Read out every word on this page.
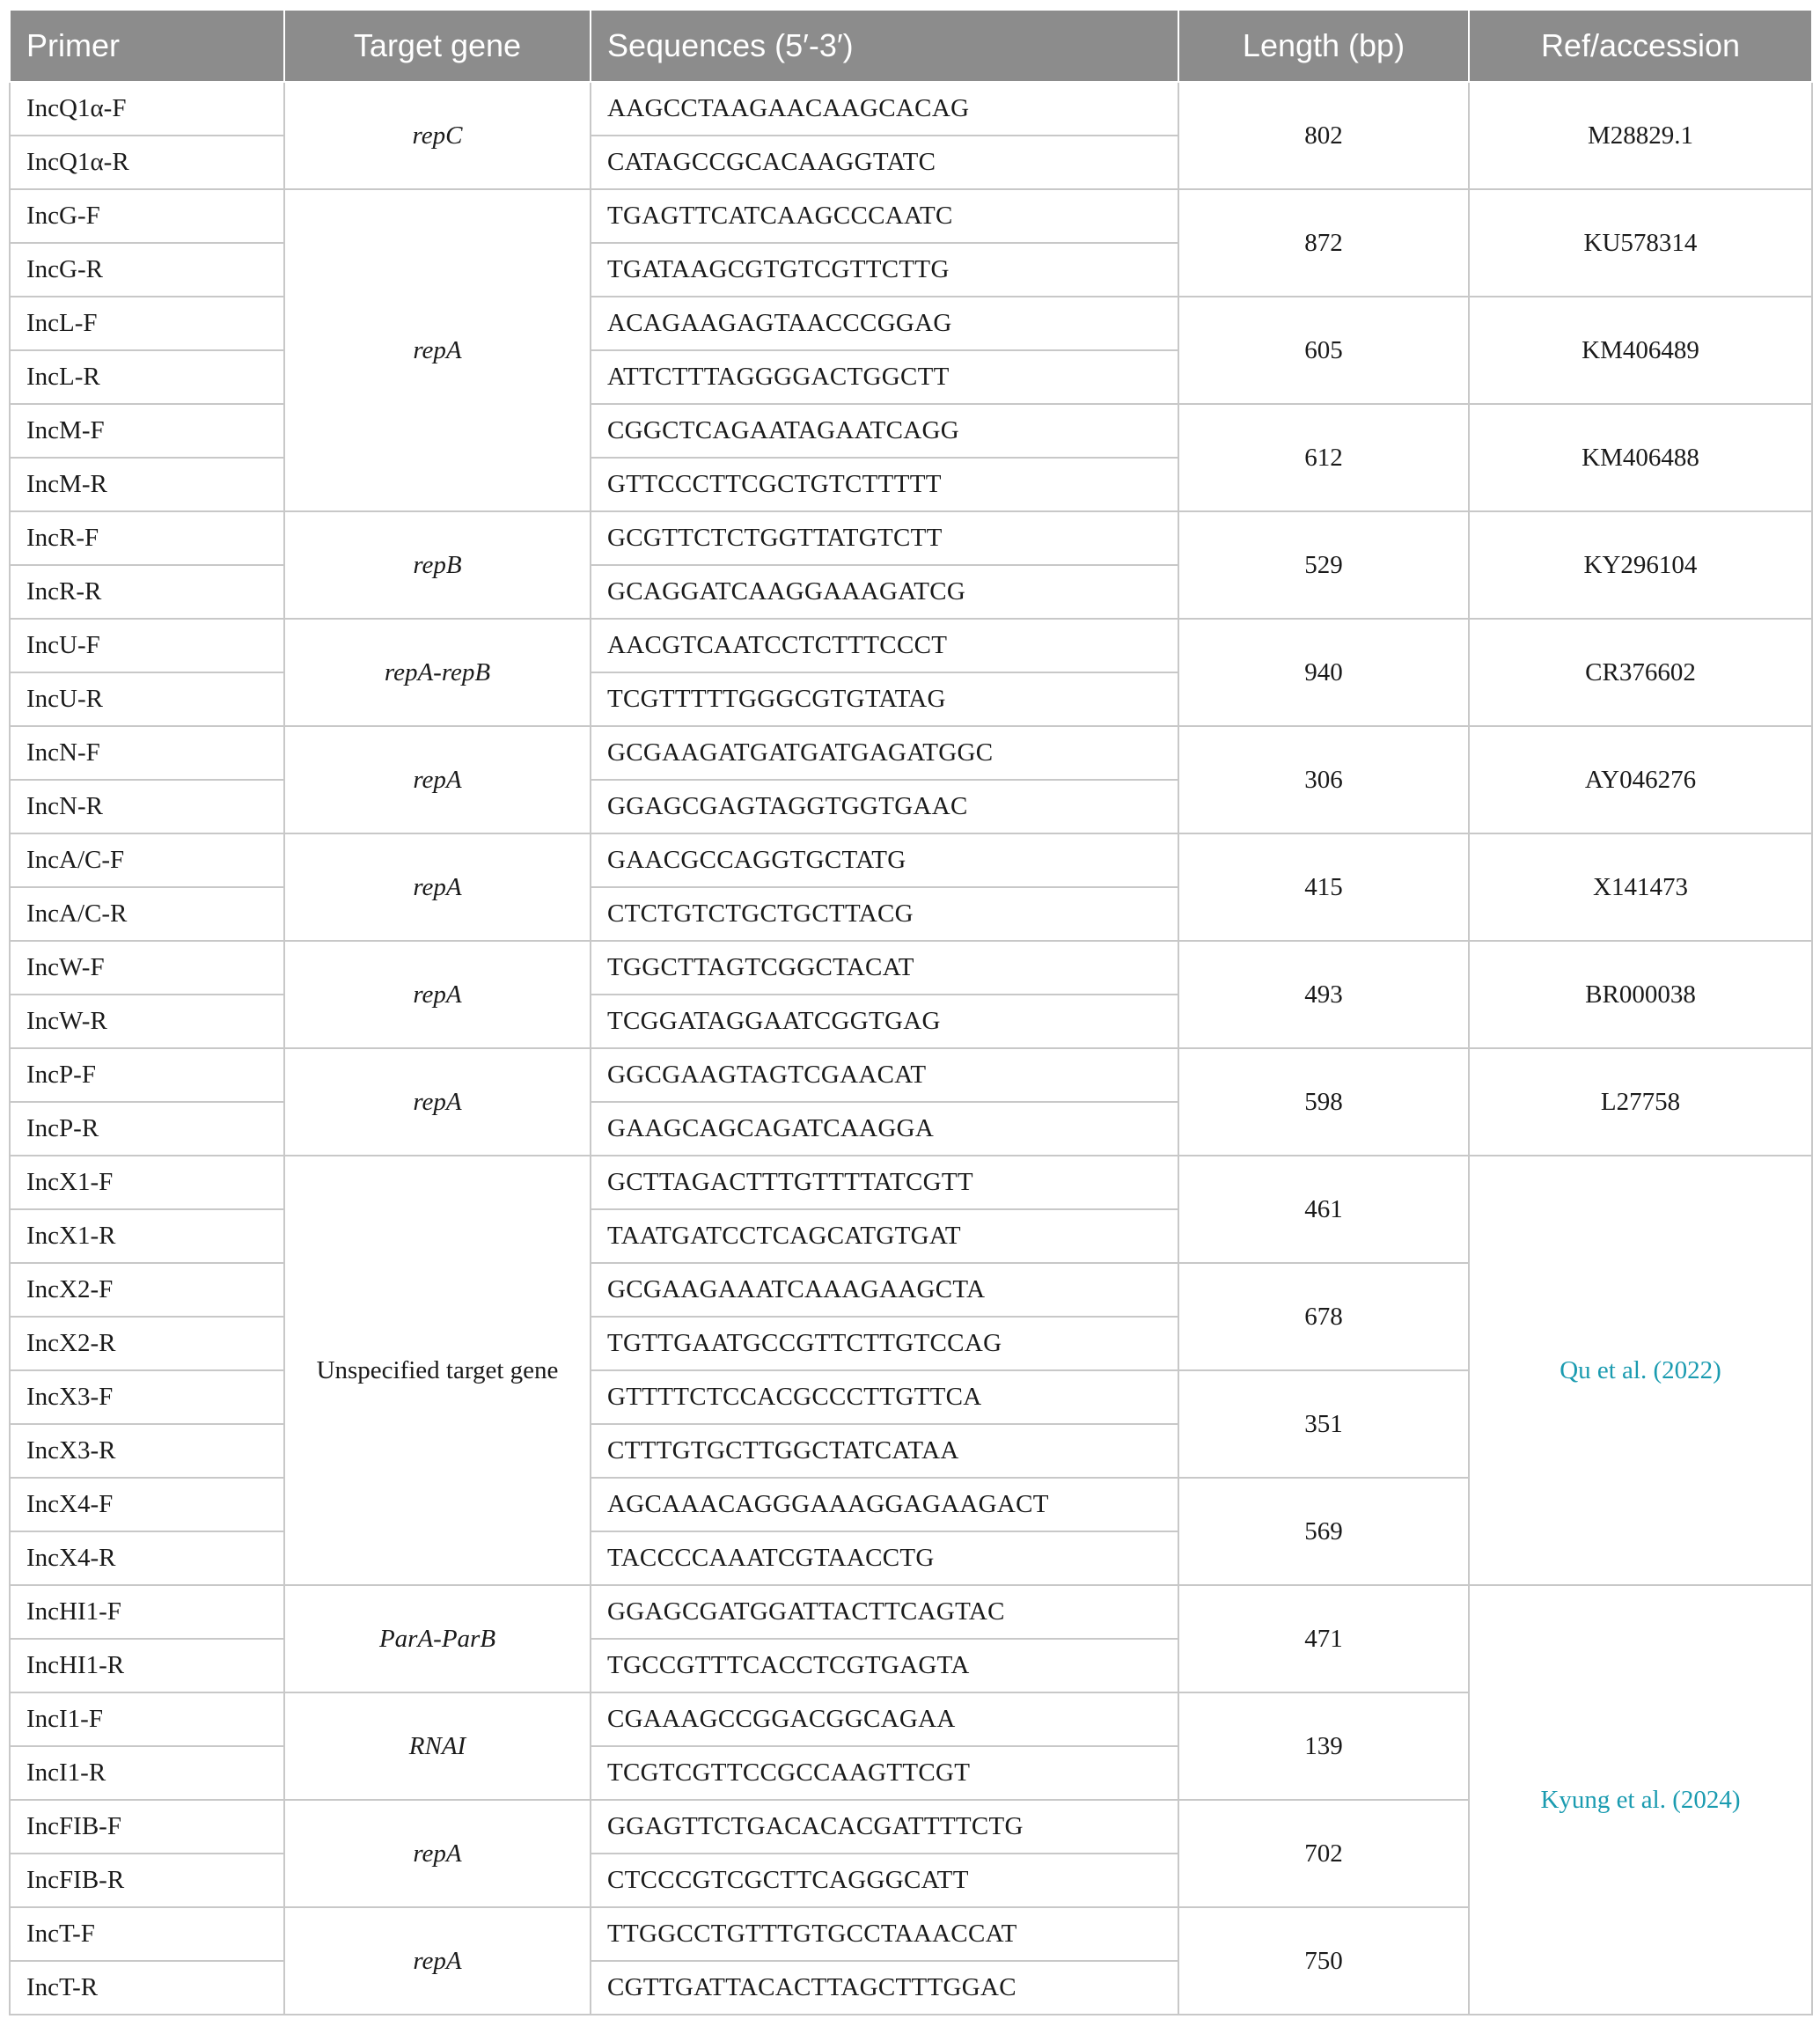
Primer	Target gene	Sequences (5′-3′)	Length (bp)	Ref/accession
IncQ1α-F	repC	AAGCCTAAGAACAAGCACAG	802	M28829.1
IncQ1α-R		CATAGCCGCACAAGGTATC		
IncG-F	repA	TGAGTTCATCAAGCCCAATC	872	KU578314
IncG-R		TGATAAGCGTGTCGTTCTTG		
IncL-F		ACAGAAGAGTAACCCGGAG	605	KM406489
IncL-R		ATTCTTTAGGGGACTGGCTT		
IncM-F		CGGCTCAGAATAGAATCAGG	612	KM406488
IncM-R		GTTCCCTTCGCTGTCTTTTT		
IncR-F	repB	GCGTTCTCTGGTTATGTCTT	529	KY296104
IncR-R		GCAGGATCAAGGAAAGATCG		
IncU-F	repA-repB	AACGTCAATCCTCTTTCCCT	940	CR376602
IncU-R		TCGTTTTTGGGCGTGTATAG		
IncN-F	repA	GCGAAGATGATGATGAGATGGC	306	AY046276
IncN-R		GGAGCGAGTAGGTGGTGAAC		
IncA/C-F	repA	GAACGCCAGGTGCTATG	415	X141473
IncA/C-R		CTCTGTCTGCTGCTTACG		
IncW-F	repA	TGGCTTAGTCGGCTACAT	493	BR000038
IncW-R		TCGGATAGGAATCGGTGAG		
IncP-F	repA	GGCGAAGTAGTCGAACAT	598	L27758
IncP-R		GAAGCAGCAGATCAAGGA		
IncX1-F	Unspecified target gene	GCTTAGACTTTGTTTTATCGTT	461	Qu et al. (2022)
IncX1-R		TAATGATCCTCAGCATGTGAT		
IncX2-F		GCGAAGAAATCAAAGAAGCTA	678	
IncX2-R		TGTTGAATGCCGTTCTTGTCCAG		
IncX3-F		GTTTTCTCCACGCCCTTGTTCA	351	
IncX3-R		CTTTGTGCTTGGCTATCATAA		
IncX4-F		AGCAAACAGGGAAAGGAGAAGACT	569	
IncX4-R		TACCCCAAATCGTAACCTG		
IncHI1-F	ParA-ParB	GGAGCGATGGATTACTTCAGTAC	471	Kyung et al. (2024)
IncHI1-R		TGCCGTTTCACCTCGTGAGTA		
IncI1-F	RNAI	CGAAAGCCGGACGGCAGAA	139	
IncI1-R		TCGTCGTTCCGCCAAGTTCGT		
IncFIB-F	repA	GGAGTTCTGACACACGATTTTCTG	702	
IncFIB-R		CTCCCGTCGCTTCAGGGCATT		
IncT-F	repA	TTGGCCTGTTTGTGCCTAAACCAT	750	
IncT-R		CGTTGATTACACTTAGCTTTGGAC		
